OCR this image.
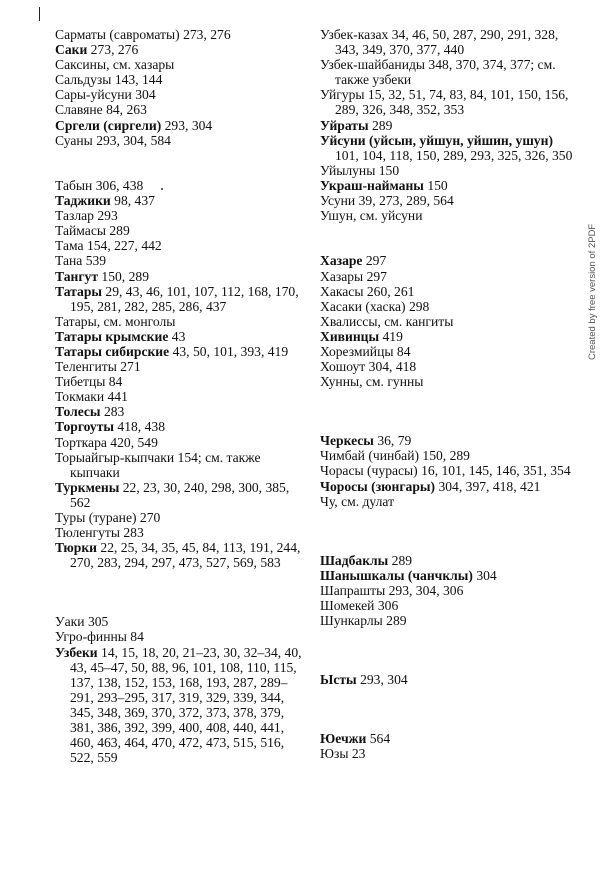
Сарматы (савроматы) 273, 276
Саки 273, 276
Саксины, см. хазары
Сальдузы 143, 144
Сары-уйсуни 304
Славяне 84, 263
Сргели (сиргели) 293, 304
Суаны 293, 304, 584
Табын 306, 438
Таджики 98, 437
Тазлар 293
Таймасы 289
Тама 154, 227, 442
Тана 539
Тангут 150, 289
Татары 29, 43, 46, 101, 107, 112, 168, 170, 195, 281, 282, 285, 286, 437
Татары, см. монголы
Татары крымские 43
Татары сибирские 43, 50, 101, 393, 419
Теленгиты 271
Тибетцы 84
Токмаки 441
Толесы 283
Торгоуты 418, 438
Торткара 420, 549
Торыайгыр-кыпчаки 154; см. также кыпчаки
Туркмены 22, 23, 30, 240, 298, 300, 385, 562
Туры (туране) 270
Тюленгуты 283
Тюрки 22, 25, 34, 35, 45, 84, 113, 191, 244, 270, 283, 294, 297, 473, 527, 569, 583
Уаки 305
Угро-финны 84
Узбеки 14, 15, 18, 20, 21–23, 30, 32–34, 40, 43, 45–47, 50, 88, 96, 101, 108, 110, 115, 137, 138, 152, 153, 168, 193, 287, 289–291, 293–295, 317, 319, 329, 339, 344, 345, 348, 369, 370, 372, 373, 378, 379, 381, 386, 392, 399, 400, 408, 440, 441, 460, 463, 464, 470, 472, 473, 515, 516, 522, 559
Узбек-казах 34, 46, 50, 287, 290, 291, 328, 343, 349, 370, 377, 440
Узбек-шайбаниды 348, 370, 374, 377; см. также узбеки
Уйгуры 15, 32, 51, 74, 83, 84, 101, 150, 156, 289, 326, 348, 352, 353
Уйраты 289
Уйсуни (уйсын, уйшун, уйшин, ушун) 101, 104, 118, 150, 289, 293, 325, 326, 350
Уйылуны 150
Украш-найманы 150
Усуни 39, 273, 289, 564
Ушун, см. уйсуни
Хазаре 297
Хазары 297
Хакасы 260, 261
Хасаки (хаска) 298
Хвалиссы, см. кангиты
Хивинцы 419
Хорезмийцы 84
Хошоут 304, 418
Хунны, см. гунны
Черкесы 36, 79
Чимбай (чинбай) 150, 289
Чорасы (чурасы) 16, 101, 145, 146, 351, 354
Чоросы (зюнгары) 304, 397, 418, 421
Чу, см. дулат
Шадбаклы 289
Шанышкалы (чанчклы) 304
Шапрашты 293, 304, 306
Шомекей 306
Шункарлы 289
Ысты 293, 304
Юечжи 564
Юзы 23
Created by free version of 2PDF
